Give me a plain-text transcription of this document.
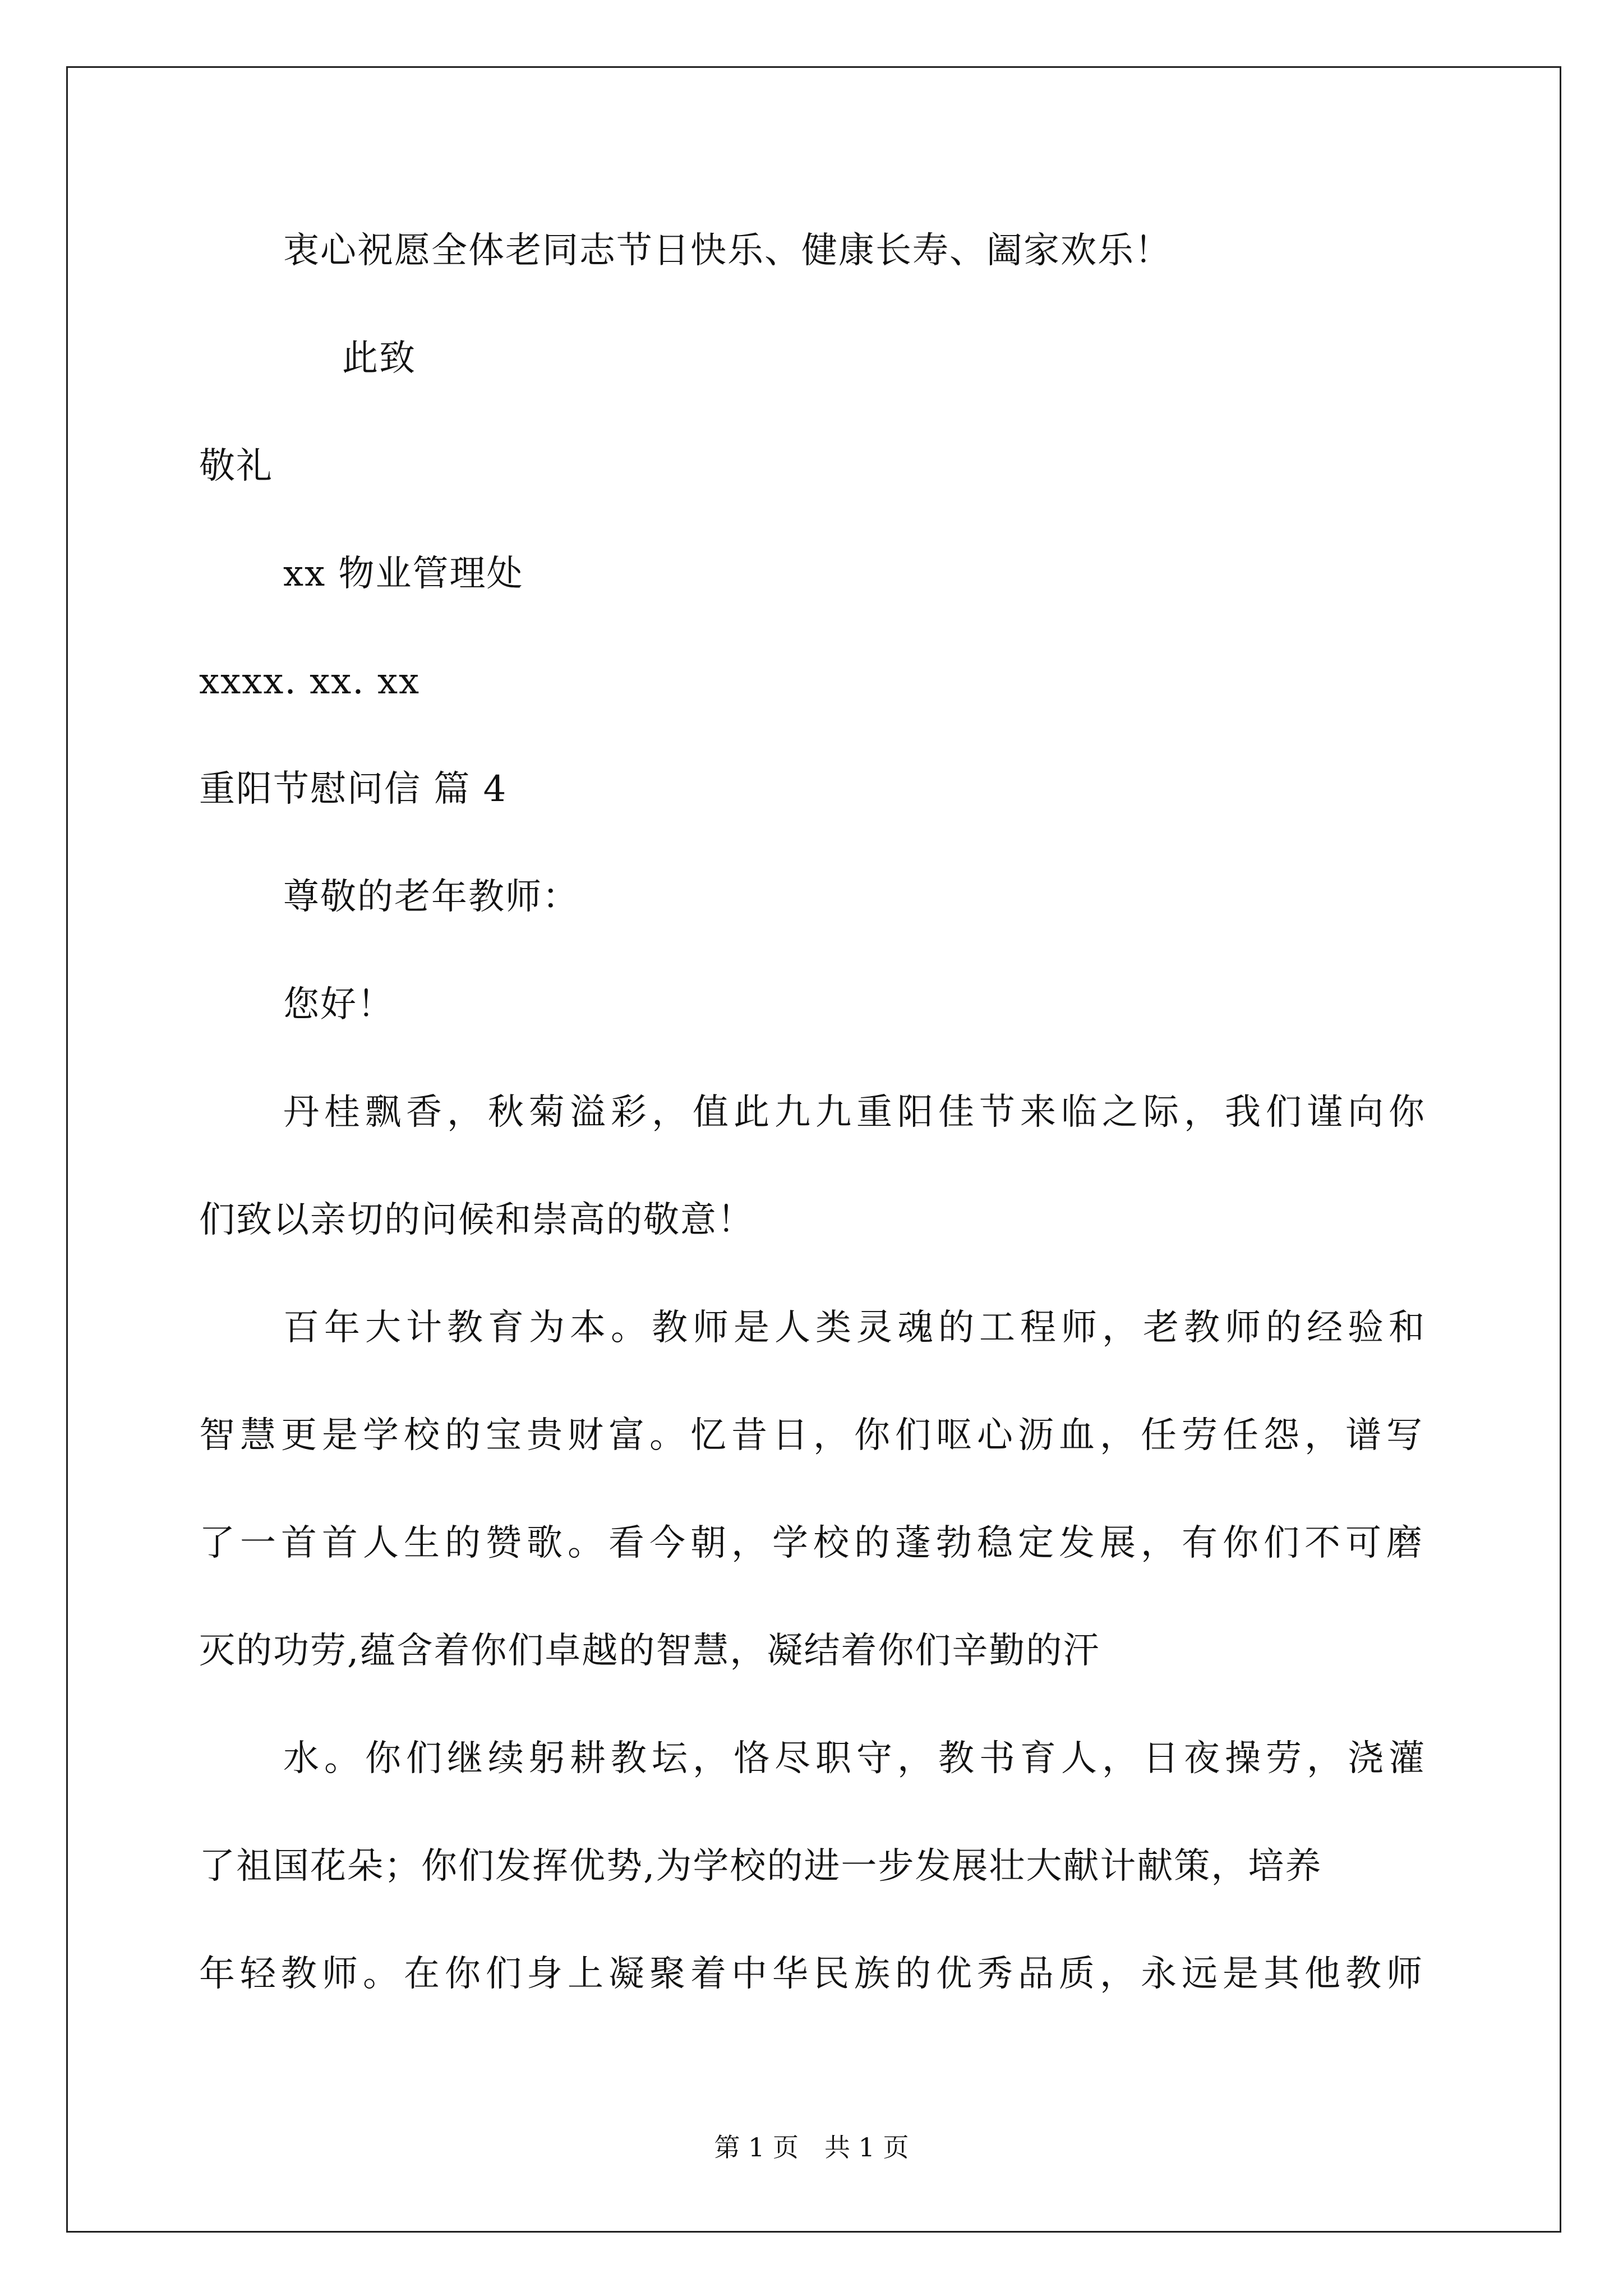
衷心祝愿全体老同志节日快乐、健康长寿、阖家欢乐！
此致
敬礼
xx 物业管理处
xxxx. xx. xx
重阳节慰问信 篇 4
尊敬的老年教师：
您好！
丹桂飘香，秋菊溢彩，值此九九重阳佳节来临之际，我们谨向你
们致以亲切的问候和崇高的敬意！
百年大计教育为本。教师是人类灵魂的工程师，老教师的经验和
智慧更是学校的宝贵财富。忆昔日，你们呕心沥血，任劳任怨，谱写
了一首首人生的赞歌。看今朝，学校的蓬勃稳定发展，有你们不可磨
灭的功劳,蕴含着你们卓越的智慧，凝结着你们辛勤的汗
水。你们继续躬耕教坛，恪尽职守，教书育人，日夜操劳，浇灌
了祖国花朵；你们发挥优势,为学校的进一步发展壮大献计献策，培养
年轻教师。在你们身上凝聚着中华民族的优秀品质，永远是其他教师
第 1 页　共 1 页
